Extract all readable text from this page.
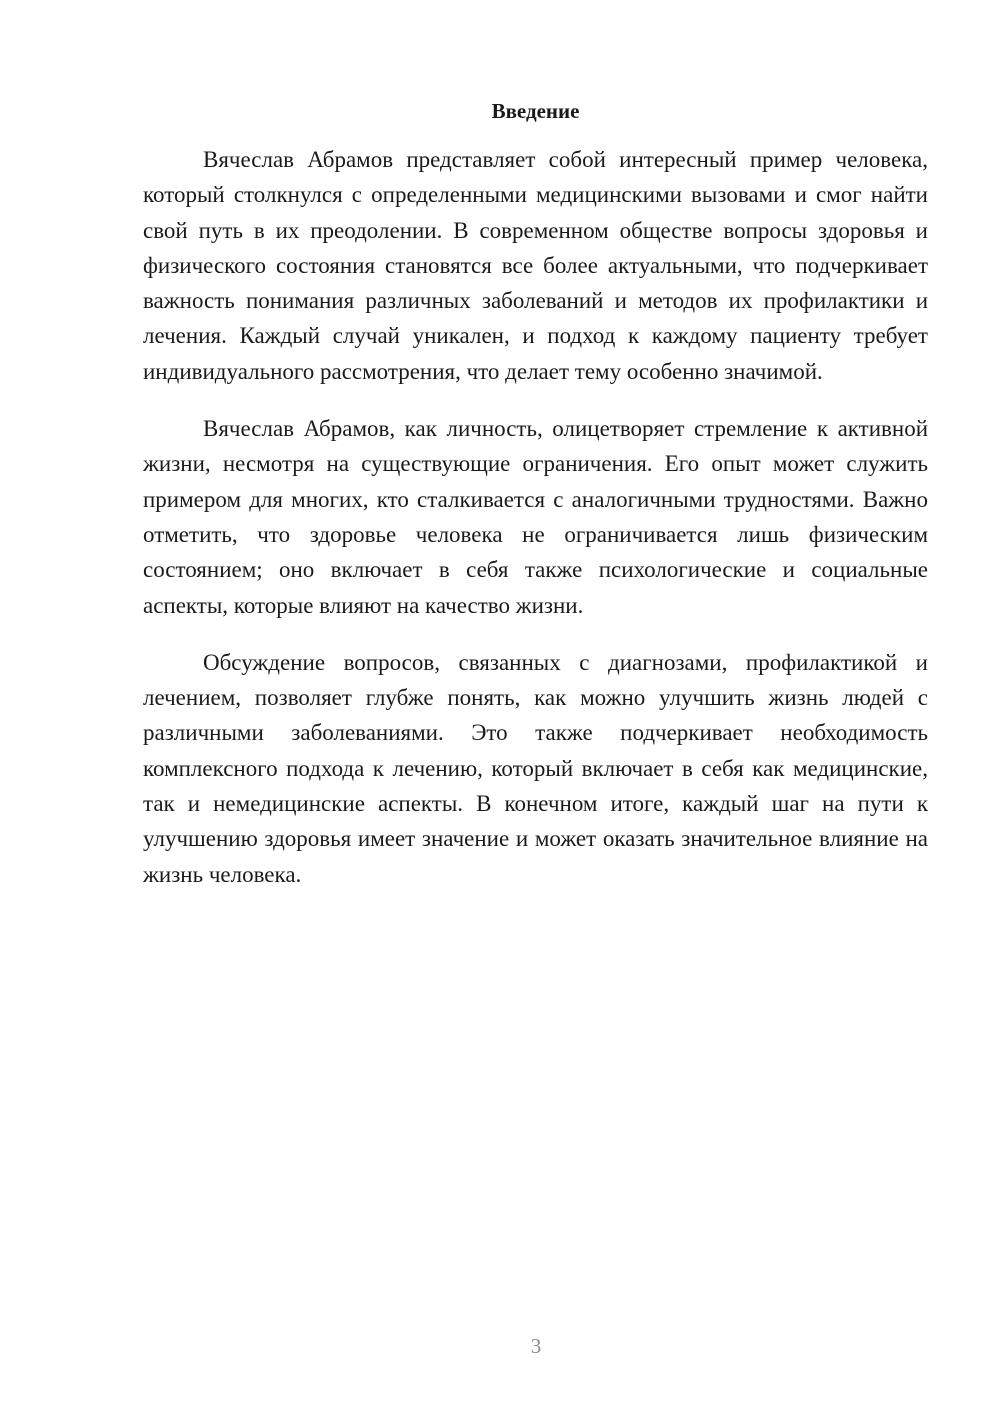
Введение

Вячеслав Абрамов представляет собой интересный пример человека, который столкнулся с определенными медицинскими вызовами и смог найти свой путь в их преодолении. В современном обществе вопросы здоровья и физического состояния становятся все более актуальными, что подчеркивает важность понимания различных заболеваний и методов их профилактики и лечения. Каждый случай уникален, и подход к каждому пациенту требует индивидуального рассмотрения, что делает тему особенно значимой.

Вячеслав Абрамов, как личность, олицетворяет стремление к активной жизни, несмотря на существующие ограничения. Его опыт может служить примером для многих, кто сталкивается с аналогичными трудностями. Важно отметить, что здоровье человека не ограничивается лишь физическим состоянием; оно включает в себя также психологические и социальные аспекты, которые влияют на качество жизни.

Обсуждение вопросов, связанных с диагнозами, профилактикой и лечением, позволяет глубже понять, как можно улучшить жизнь людей с различными заболеваниями. Это также подчеркивает необходимость комплексного подхода к лечению, который включает в себя как медицинские, так и немедицинские аспекты. В конечном итоге, каждый шаг на пути к улучшению здоровья имеет значение и может оказать значительное влияние на жизнь человека.

3
